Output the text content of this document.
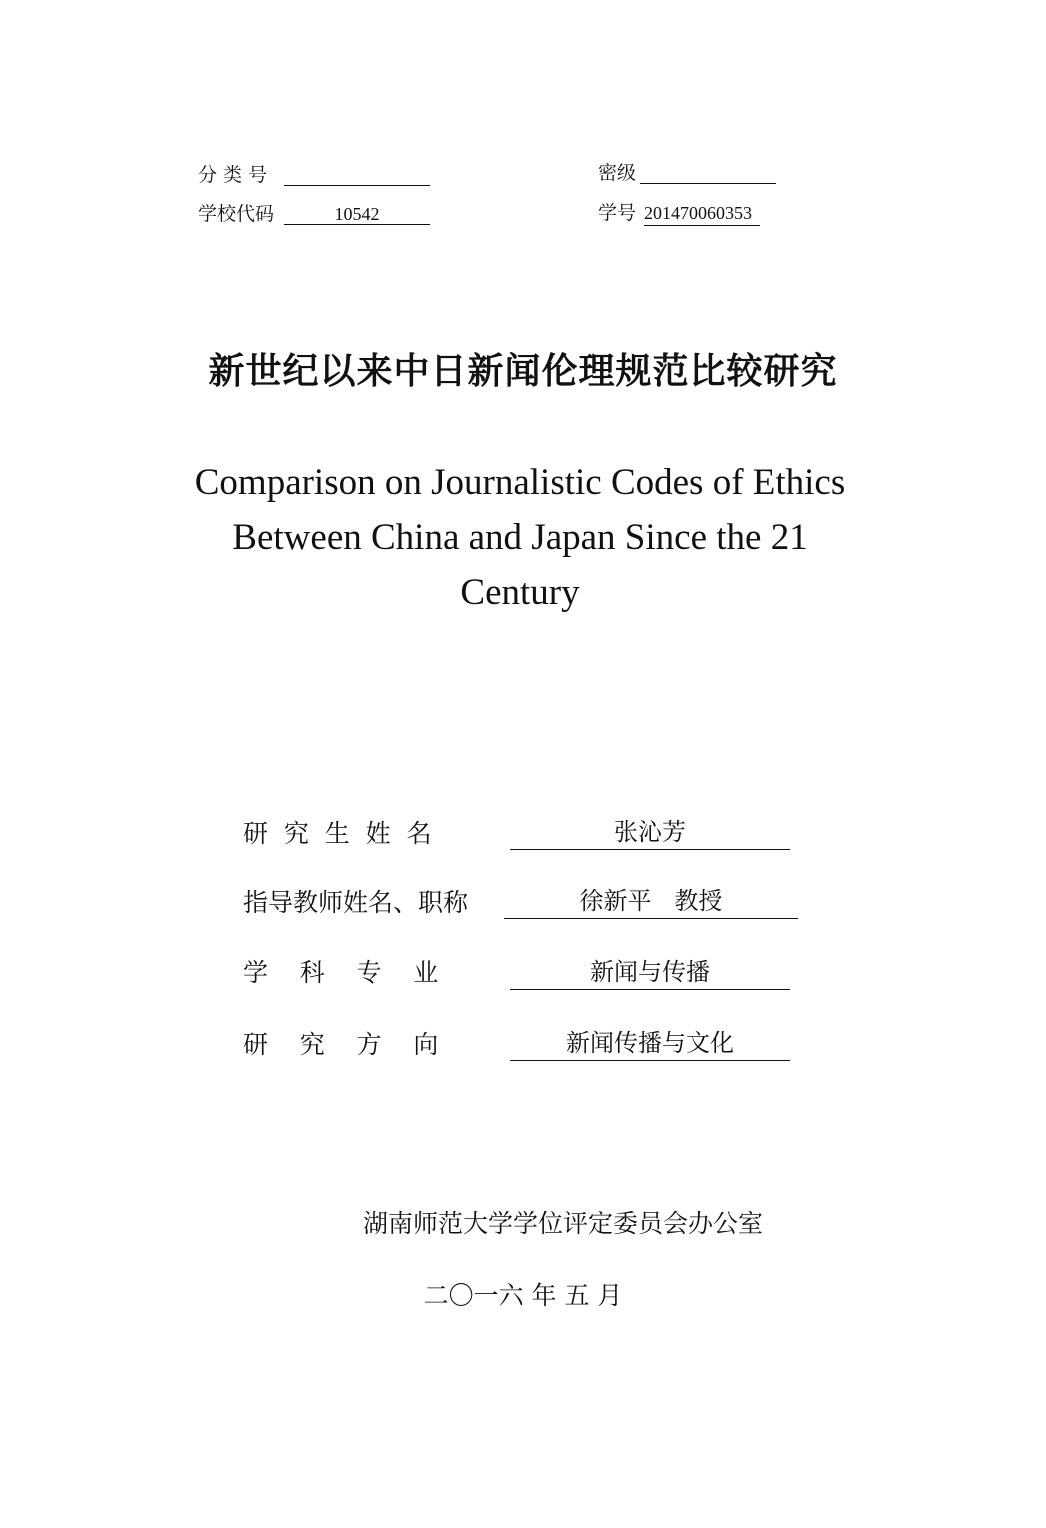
分 类 号	密级
学校代码	10542	学号 201470060353
新世纪以来中日新闻伦理规范比较研究
Comparison on Journalistic Codes of Ethics
Between China and Japan Since the 21
Century
研  究  生  姓  名	张沁芳
指导教师姓名、职称	徐新平   教授
学    科    专    业	新闻与传播
研    究    方    向	新闻传播与文化
湖南师范大学学位评定委员会办公室
二〇一六 年 五 月
